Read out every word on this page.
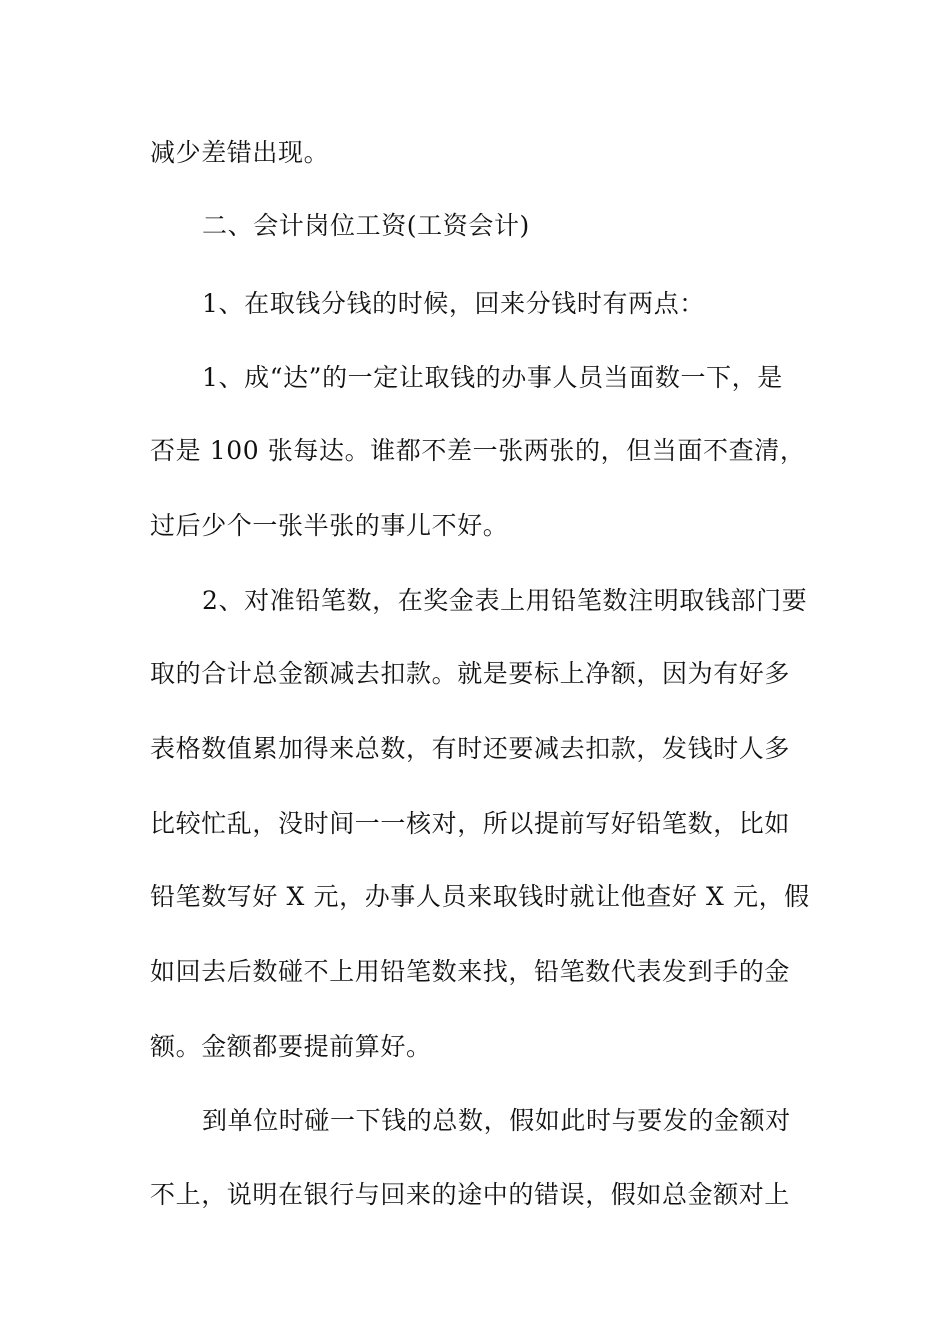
减少差错出现。
二、会计岗位工资(工资会计)
1、在取钱分钱的时候，回来分钱时有两点：
1、成“达”的一定让取钱的办事人员当面数一下，是
否是 100 张每达。谁都不差一张两张的，但当面不查清，
过后少个一张半张的事儿不好。
2、对准铅笔数，在奖金表上用铅笔数注明取钱部门要
取的合计总金额减去扣款。就是要标上净额，因为有好多
表格数值累加得来总数，有时还要减去扣款，发钱时人多
比较忙乱，没时间一一核对，所以提前写好铅笔数，比如
铅笔数写好 X 元，办事人员来取钱时就让他查好 X 元，假
如回去后数碰不上用铅笔数来找，铅笔数代表发到手的金
额。金额都要提前算好。
到单位时碰一下钱的总数，假如此时与要发的金额对
不上，说明在银行与回来的途中的错误，假如总金额对上
